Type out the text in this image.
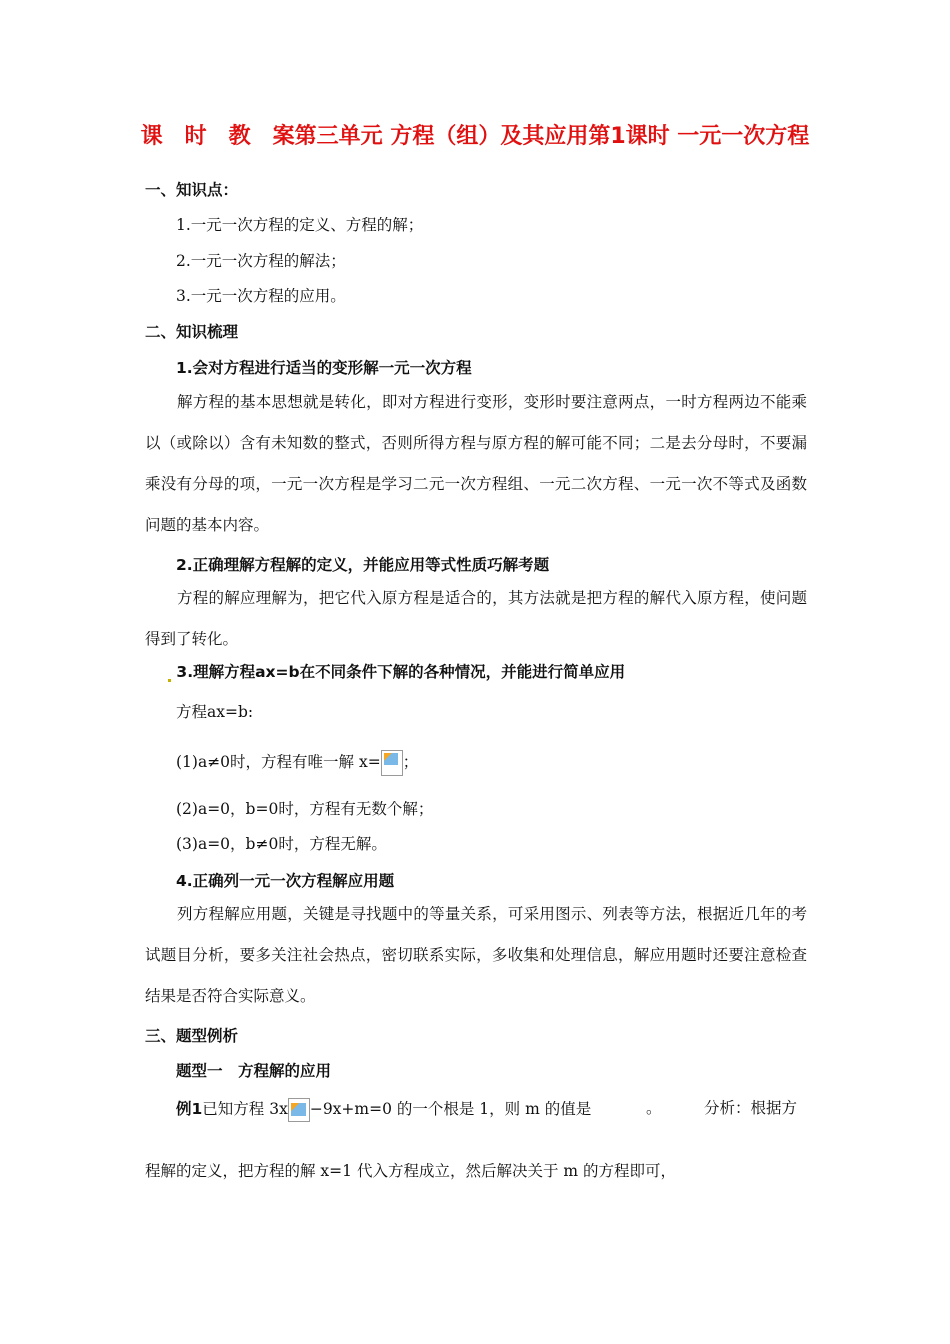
课　时　教　案第三单元 方程（组）及其应用第1课时 一元一次方程
一、知识点：
1.一元一次方程的定义、方程的解；
2.一元一次方程的解法；
3.一元一次方程的应用。
二、知识梳理
1.会对方程进行适当的变形解一元一次方程
解方程的基本思想就是转化，即对方程进行变形，变形时要注意两点，一时方程两边不能乘以（或除以）含有未知数的整式，否则所得方程与原方程的解可能不同；二是去分母时，不要漏乘没有分母的项，一元一次方程是学习二元一次方程组、一元二次方程、一元一次不等式及函数问题的基本内容。
2.正确理解方程解的定义，并能应用等式性质巧解考题
方程的解应理解为，把它代入原方程是适合的，其方法就是把方程的解代入原方程，使问题得到了转化。
3.理解方程ax=b在不同条件下解的各种情况，并能进行简单应用
方程ax=b:
(1)a≠0时，方程有唯一解 x= ；
(2)a=0，b=0时，方程有无数个解；
(3)a=0，b≠0时，方程无解。
4.正确列一元一次方程解应用题
列方程解应用题，关键是寻找题中的等量关系，可采用图示、列表等方法，根据近几年的考试题目分析，要多关注社会热点，密切联系实际，多收集和处理信息，解应用题时还要注意检查结果是否符合实际意义。
三、题型例析
题型一　方程解的应用
例1已知方程 3x −9x+m=0 的一个根是 1，则 m 的值是	。	分析：根据方
程解的定义，把方程的解 x=1 代入方程成立，然后解决关于 m 的方程即可，
